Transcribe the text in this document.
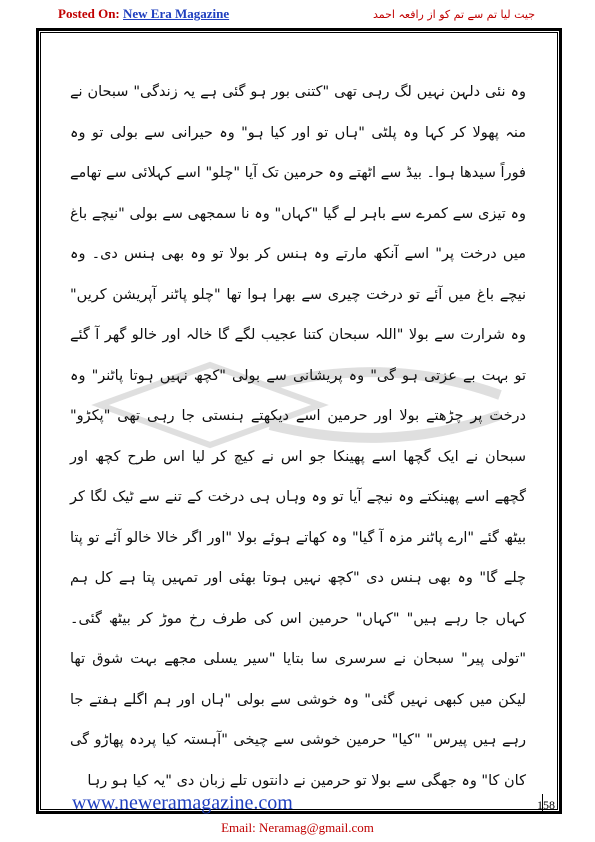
Posted On: New Era Magazine	جیت لیا تم سے تم کو از رافعہ احمد

وہ نئی دلہن نہیں لگ رہی تھی "کتنی بور ہو گئی ہے یہ زندگی" سبحان نے منہ پھولا کر کہا وہ پلٹی "ہاں تو اور کیا ہو" وہ حیرانی سے بولی تو وہ فوراً سیدھا ہوا۔ بیڈ سے اٹھتے وہ حرمین تک آیا "چلو" اسے کہلائی سے تھامے وہ تیزی سے کمرے سے باہر لے گیا "کہاں" وہ نا سمجھی سے بولی "نیچے باغ میں درخت پر" اسے آنکھ مارتے وہ ہنس کر بولا تو وہ بھی ہنس دی۔ وہ نیچے باغ میں آئے تو درخت چیری سے بھرا ہوا تھا "چلو پاٹنر آپریشن کریں" وہ شرارت سے بولا "اللہ سبحان کتنا عجیب لگے گا خالہ اور خالو گھر آ گئے تو بہت بے عزتی ہو گی" وہ پریشانی سے بولی "کچھ نہیں ہوتا پاٹنر" وہ درخت پر چڑھتے بولا اور حرمین اسے دیکھتے ہنستی جا رہی تھی "پکڑو" سبحان نے ایک گچھا اسے پھینکا جو اس نے کیچ کر لیا اس طرح کچھ اور گچھے اسے پھینکتے وہ نیچے آیا تو وہ وہاں ہی درخت کے تنے سے ٹیک لگا کر بیٹھ گئے "ارے پاٹنر مزہ آ گیا" وہ کھاتے ہوئے بولا "اور اگر خالا خالو آئے تو پتا چلے گا" وہ بھی ہنس دی "کچھ نہیں ہوتا بھئی اور تمہیں پتا ہے کل ہم کہاں جا رہے ہیں" "کہاں" حرمین اس کی طرف رخ موڑ کر بیٹھ گئی۔ "تولی پیر" سبحان نے سرسری سا بتایا "سیر یسلی مجھے بہت شوق تھا لیکن میں کبھی نہیں گئی" وہ خوشی سے بولی "ہاں اور ہم اگلے ہفتے جا رہے ہیں پیرس" "کیا" حرمین خوشی سے چیخی "آہستہ کیا پردہ پھاڑو گی کان کا" وہ جھگی سے بولا تو حرمین نے دانتوں تلے زبان دی "یہ کیا ہو رہا

www.neweramagazine.com	158
Email: Neramag@gmail.com
